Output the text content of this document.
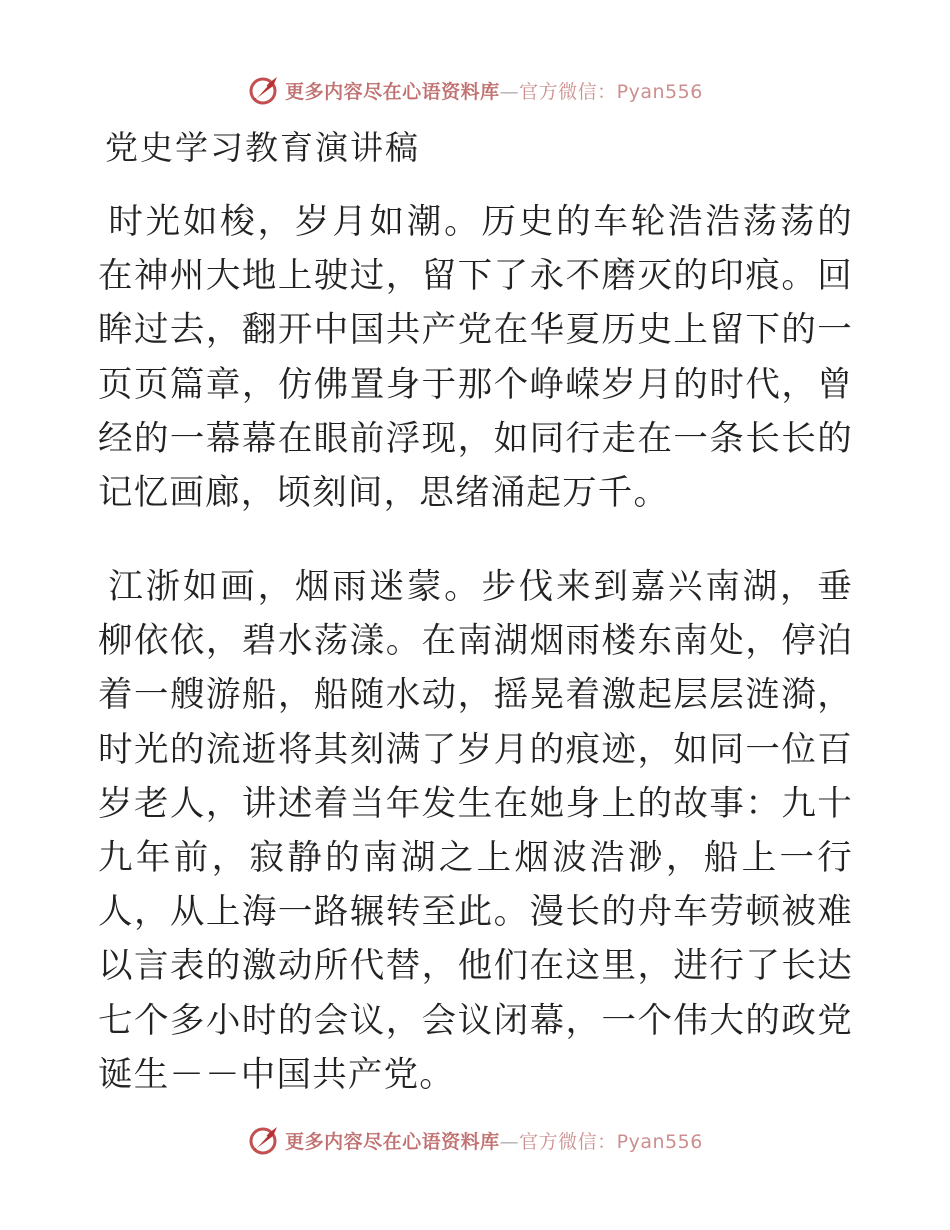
更多内容尽在心语资料库—官方微信：Pyan556
党史学习教育演讲稿

时光如梭，岁月如潮。历史的车轮浩浩荡荡的在神州大地上驶过，留下了永不磨灭的印痕。回眸过去，翻开中国共产党在华夏历史上留下的一页页篇章，仿佛置身于那个峥嵘岁月的时代，曾经的一幕幕在眼前浮现，如同行走在一条长长的记忆画廊，顷刻间，思绪涌起万千。

江浙如画，烟雨迷蒙。步伐来到嘉兴南湖，垂柳依依，碧水荡漾。在南湖烟雨楼东南处，停泊着一艘游船，船随水动，摇晃着激起层层涟漪，时光的流逝将其刻满了岁月的痕迹，如同一位百岁老人，讲述着当年发生在她身上的故事：九十九年前，寂静的南湖之上烟波浩渺，船上一行人，从上海一路辗转至此。漫长的舟车劳顿被难以言表的激动所代替，他们在这里，进行了长达七个多小时的会议，会议闭幕，一个伟大的政党诞生－－中国共产党。

更多内容尽在心语资料库—官方微信：Pyan556
